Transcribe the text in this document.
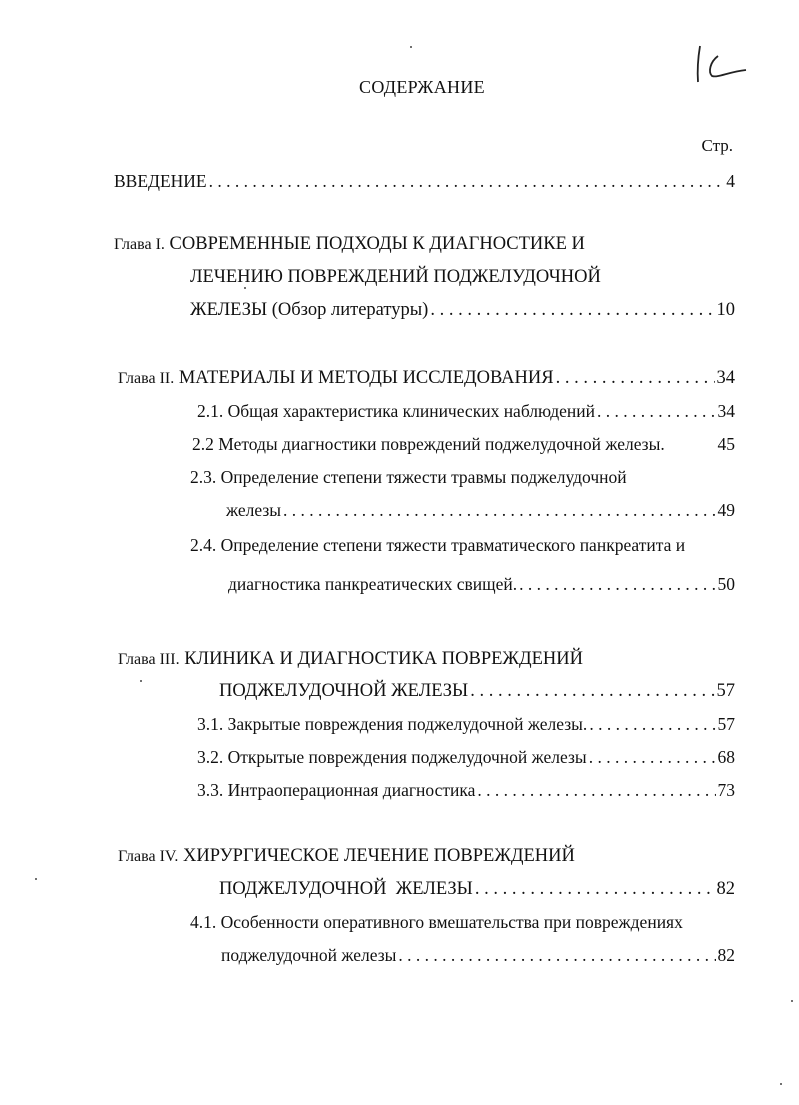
СОДЕРЖАНИЕ
Стр.
ВВЕДЕНИЕ . . .	4
Глава I. СОВРЕМЕННЫЕ ПОДХОДЫ К ДИАГНОСТИКЕ И
ЛЕЧЕНИЮ ПОВРЕЖДЕНИЙ ПОДЖЕЛУДОЧНОЙ
ЖЕЛЕЗЫ (Обзор литературы) . . .	10
Глава II. МАТЕРИАЛЫ И МЕТОДЫ ИССЛЕДОВАНИЯ . . .	34
2.1. Общая характеристика клинических наблюдений . . .	34
2.2 Методы диагностики повреждений поджелудочной железы.	45
2.3. Определение степени тяжести травмы поджелудочной
железы . . .	49
2.4. Определение степени тяжести травматического панкреатита и
диагностика панкреатических свищей. . . .	50
Глава III. КЛИНИКА И ДИАГНОСТИКА ПОВРЕЖДЕНИЙ
ПОДЖЕЛУДОЧНОЙ ЖЕЛЕЗЫ . . .	57
3.1. Закрытые повреждения поджелудочной железы. . . .	57
3.2. Открытые повреждения поджелудочной железы . . .	68
3.3. Интраоперационная диагностика . . .	73
Глава IV. ХИРУРГИЧЕСКОЕ ЛЕЧЕНИЕ ПОВРЕЖДЕНИЙ
ПОДЖЕЛУДОЧНОЙ  ЖЕЛЕЗЫ . . .	82
4.1. Особенности оперативного вмешательства при повреждениях
поджелудочной железы . . .	82
